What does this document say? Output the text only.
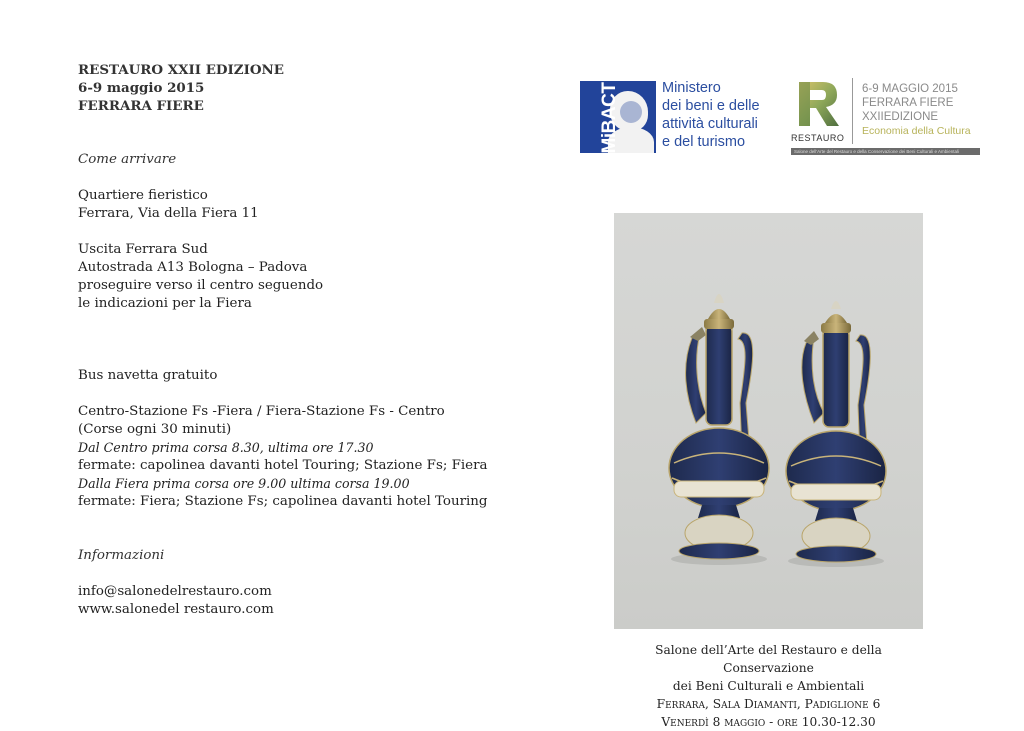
RESTAURO XXII EDIZIONE
6-9 maggio 2015
FERRARA FIERE
Come arrivare
Quartiere fieristico
Ferrara, Via della Fiera 11
Uscita Ferrara Sud
Autostrada A13 Bologna – Padova
proseguire verso il centro seguendo
le indicazioni per la Fiera
Bus navetta gratuito
Centro-Stazione Fs -Fiera / Fiera-Stazione Fs - Centro
(Corse ogni 30 minuti)
Dal Centro prima corsa 8.30, ultima ore 17.30
fermate: capolinea davanti hotel Touring; Stazione Fs; Fiera
Dalla Fiera prima corsa ore 9.00 ultima corsa 19.00
fermate: Fiera; Stazione Fs; capolinea davanti hotel Touring
Informazioni
info@salonedelrestauro.com
www.salonedel restauro.com
MiBACT	Ministero
dei beni e delle
attività culturali
e del turismo	RESTAURO
6-9 MAGGIO 2015
FERRARA FIERE
XXIIEDIZIONE
Economia della Cultura
Salone dell'Arte del Restauro e della Conservazione dei Beni Culturali e Ambientali
Salone dell’Arte del Restauro e della Conservazione
dei Beni Culturali e Ambientali
Ferrara, Sala Diamanti, Padiglione 6
Venerdì 8 maggio - ore 10.30-12.30
